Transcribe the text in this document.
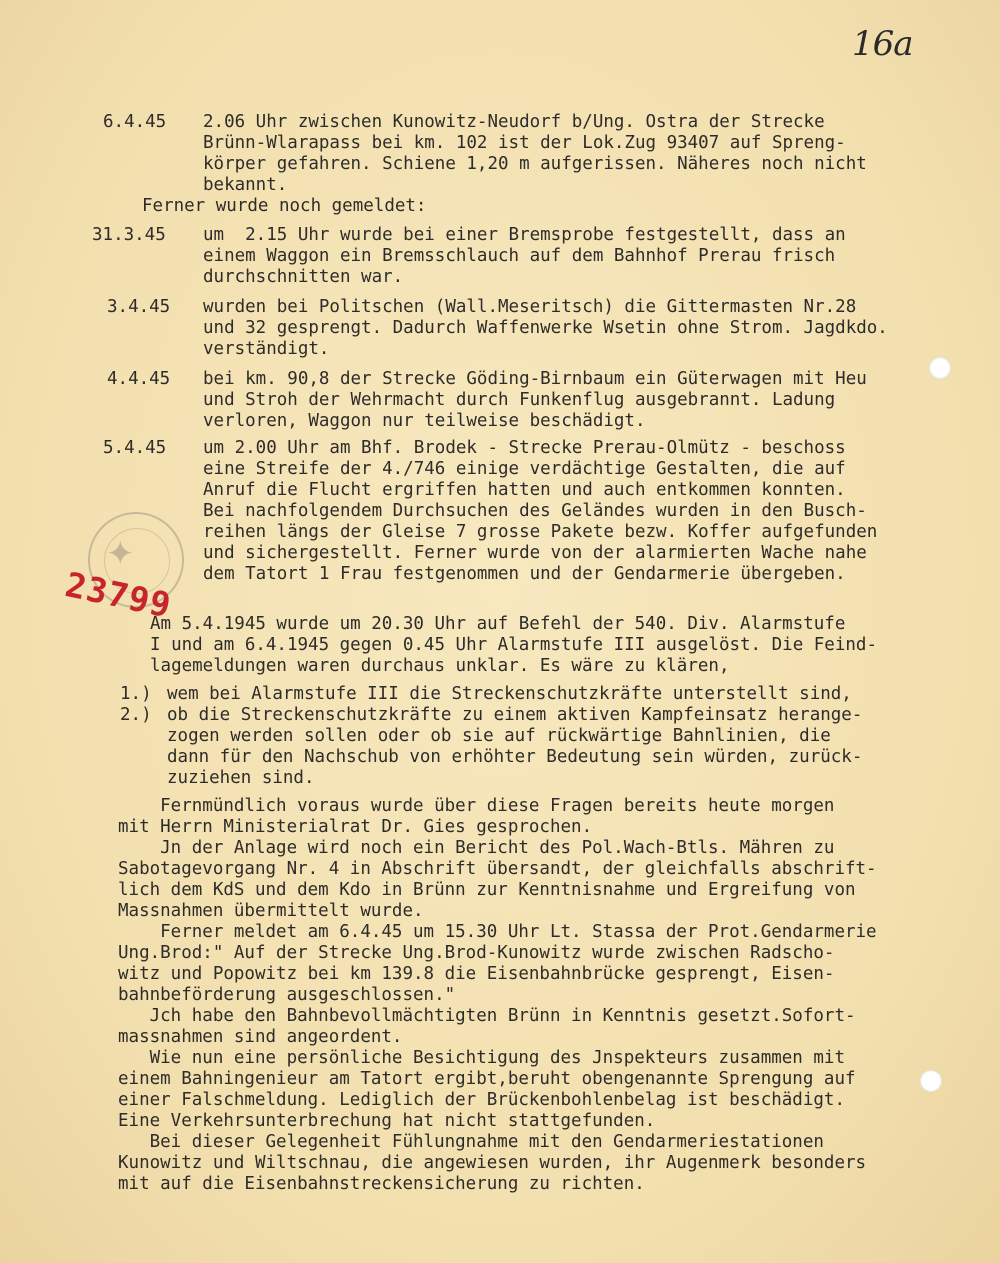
16a
6.4.45 2.06 Uhr zwischen Kunowitz-Neudorf b/Ung. Ostra der Strecke
Brünn-Wlarapass bei km. 102 ist der Lok.Zug 93407 auf Spreng-
körper gefahren. Schiene 1,20 m aufgerissen. Näheres noch nicht
bekannt.
Ferner wurde noch gemeldet:
31.3.45 um  2.15 Uhr wurde bei einer Bremsprobe festgestellt, dass an
einem Waggon ein Bremsschlauch auf dem Bahnhof Prerau frisch
durchschnitten war.
3.4.45 wurden bei Politschen (Wall.Meseritsch) die Gittermasten Nr.28
und 32 gesprengt. Dadurch Waffenwerke Wsetin ohne Strom. Jagdkdo.
verständigt.
4.4.45 bei km. 90,8 der Strecke Göding-Birnbaum ein Güterwagen mit Heu
und Stroh der Wehrmacht durch Funkenflug ausgebrannt. Ladung
verloren, Waggon nur teilweise beschädigt.
5.4.45 um 2.00 Uhr am Bhf. Brodek - Strecke Prerau-Olmütz - beschoss
eine Streife der 4./746 einige verdächtige Gestalten, die auf
Anruf die Flucht ergriffen hatten und auch entkommen konnten.
Bei nachfolgendem Durchsuchen des Geländes wurden in den Busch-
reihen längs der Gleise 7 grosse Pakete bezw. Koffer aufgefunden
und sichergestellt. Ferner wurde von der alarmierten Wache nahe
dem Tatort 1 Frau festgenommen und der Gendarmerie übergeben.
✦
23799
Am 5.4.1945 wurde um 20.30 Uhr auf Befehl der 540. Div. Alarmstufe
I und am 6.4.1945 gegen 0.45 Uhr Alarmstufe III ausgelöst. Die Feind-
lagemeldungen waren durchaus unklar. Es wäre zu klären,
1.) wem bei Alarmstufe III die Streckenschutzkräfte unterstellt sind,
2.) ob die Streckenschutzkräfte zu einem aktiven Kampfeinsatz herange-
zogen werden sollen oder ob sie auf rückwärtige Bahnlinien, die
dann für den Nachschub von erhöhter Bedeutung sein würden, zurück-
zuziehen sind.
Fernmündlich voraus wurde über diese Fragen bereits heute morgen
mit Herrn Ministerialrat Dr. Gies gesprochen.
Jn der Anlage wird noch ein Bericht des Pol.Wach-Btls. Mähren zu
Sabotagevorgang Nr. 4 in Abschrift übersandt, der gleichfalls abschrift-
lich dem KdS und dem Kdo in Brünn zur Kenntnisnahme und Ergreifung von
Massnahmen übermittelt wurde.
Ferner meldet am 6.4.45 um 15.30 Uhr Lt. Stassa der Prot.Gendarmerie
Ung.Brod:" Auf der Strecke Ung.Brod-Kunowitz wurde zwischen Radscho-
witz und Popowitz bei km 139.8 die Eisenbahnbrücke gesprengt, Eisen-
bahnbeförderung ausgeschlossen."
Jch habe den Bahnbevollmächtigten Brünn in Kenntnis gesetzt.Sofort-
massnahmen sind angeordent.
Wie nun eine persönliche Besichtigung des Jnspekteurs zusammen mit
einem Bahningenieur am Tatort ergibt,beruht obengenannte Sprengung auf
einer Falschmeldung. Lediglich der Brückenbohlenbelag ist beschädigt.
Eine Verkehrsunterbrechung hat nicht stattgefunden.
Bei dieser Gelegenheit Fühlungnahme mit den Gendarmeriestationen
Kunowitz und Wiltschnau, die angewiesen wurden, ihr Augenmerk besonders
mit auf die Eisenbahnstreckensicherung zu richten.
